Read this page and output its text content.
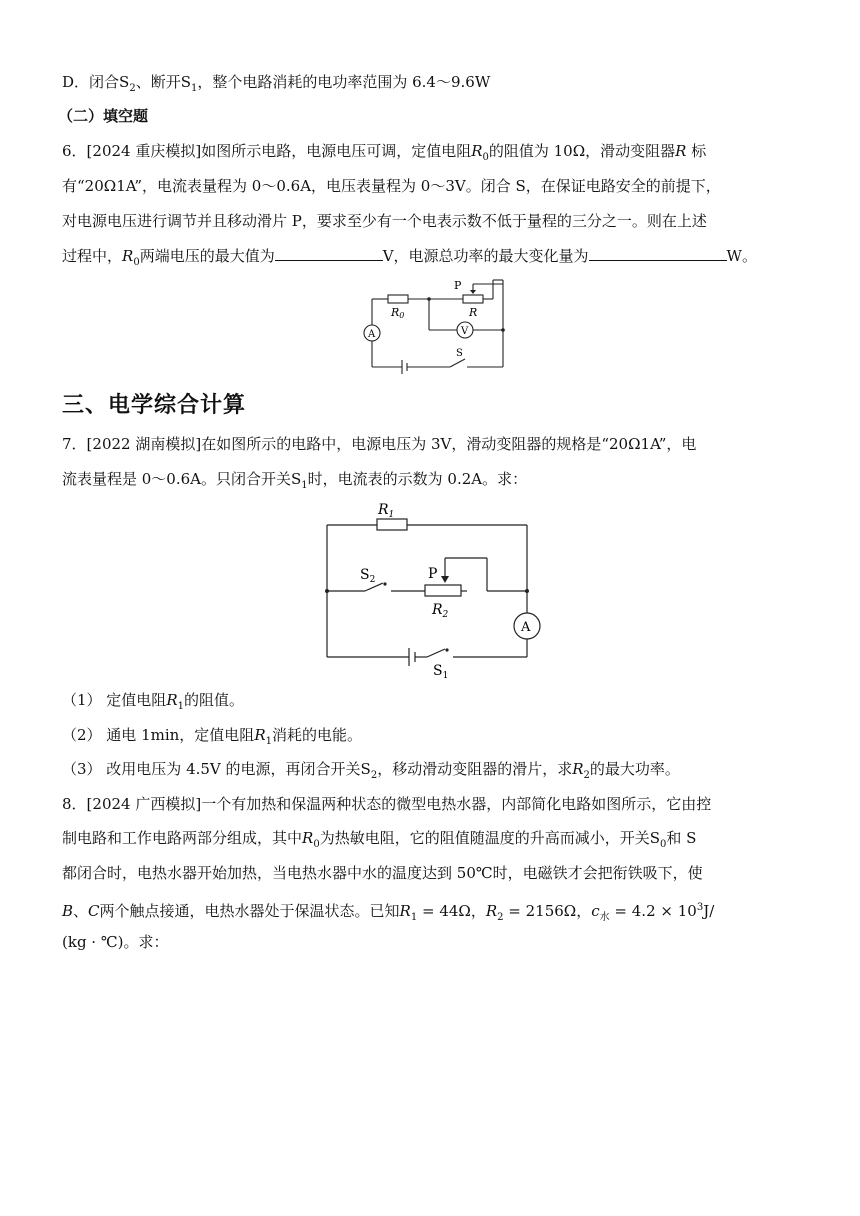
D．闭合$S_2$、断开$S_1$，整个电路消耗的电功率范围为 6.4～9.6W
（二）填空题
6．[2024 重庆模拟]如图所示电路，电源电压可调，定值电阻$R_0$的阻值为 10Ω，滑动变阻器R 标
有“20Ω1A”，电流表量程为 0～0.6A，电压表量程为 0～3V。闭合 S，在保证电路安全的前提下，
对电源电压进行调节并且移动滑片 P，要求至少有一个电表示数不低于量程的三分之一。则在上述
过程中，$R_0$两端电压的最大值为	V，电源总功率的最大变化量为	W。
P
R0	R
A	V
S
三、电学综合计算
7．[2022 湖南模拟]在如图所示的电路中，电源电压为 3V，滑动变阻器的规格是“20Ω1A”，电
流表量程是 0～0.6A。只闭合开关$S_1$时，电流表的示数为 0.2A。求：
$R_1$
$S_2$	P
$R_2$
A
$S_1$
（1） 定值电阻$R_1$的阻值。
（2） 通电 1min，定值电阻$R_1$消耗的电能。
（3） 改用电压为 4.5V 的电源，再闭合开关$S_2$，移动滑动变阻器的滑片，求$R_2$的最大功率。
8．[2024 广西模拟]一个有加热和保温两种状态的微型电热水器，内部简化电路如图所示，它由控
制电路和工作电路两部分组成，其中$R_0$为热敏电阻，它的阻值随温度的升高而减小，开关$S_0$和 S
都闭合时，电热水器开始加热，当电热水器中水的温度达到 50℃时，电磁铁才会把衔铁吸下，使
B、C两个触点接通，电热水器处于保温状态。已知$R_1 = 44\Omega$，$R_2 = 2156\Omega$，$c_水 = 4.2 \times 10^3J/$
(kg · ℃)。求：
